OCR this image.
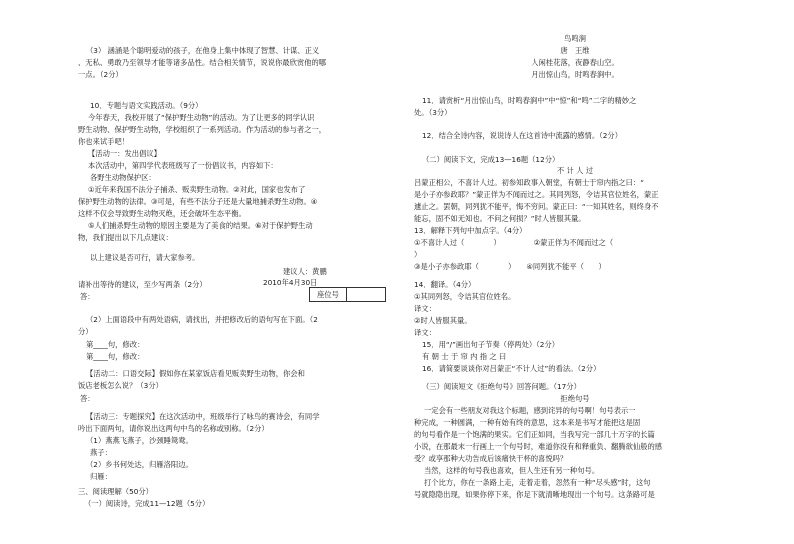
（3） 涵涵是个聪明爱动的孩子，在他身上集中体现了智慧、计谋、正义
、无私、勇敢乃至领导才能等诸多品性。结合相关情节，说说你最欣赏他的哪
一点。（2分）
10．专题与语文实践活动。（9分）
今年春天，我校开展了“保护野生动物”的活动。为了让更多的同学认识
野生动物、保护野生动物，学校组织了一系列活动。作为活动的参与者之一，
你也来试手吧！
【活动一：发出倡议】
本次活动中，第四学代表班级写了一份倡议书，内容如下：
各野生动物保护区：
①近年来我国不法分子捕杀、贩卖野生动物。②对此，国家也发布了
保护野生动物的法律。③可是，有些不法分子还是大量地捕杀野生动物。④
这样不仅会导致野生动物灭绝，还会破坏生态平衡。
⑤人们捕杀野生动物的原因主要是为了美食的结果。⑥对于保护野生动
物，我们提出以下几点建议：
以上建议是否可行，请大家参考。
建议人：黄鹏
2010年4月30日
请补出等待的建议，至少写两条（2分）
答：
（2）上面语段中有两处语病，请找出，并把修改后的语句写在下面。（2
分）
第____句，修改：
第____句，修改：
【活动二：口语交际】假如你在某家饭店看见贩卖野生动物，你会和
饭店老板怎么说？（3分）
答：
【活动三：专题探究】在这次活动中，班级举行了咏鸟的赛诗会，有同学
吟出下面两句，请你说出这两句中鸟的名称或别称。（2分）
（1）燕燕飞燕子，沙颈睡鸳鸯。
燕子：
（2）乡书何处达，归雁洛阳边。
归雁：
三、阅读理解（50分）
（一）阅读诗，完成11—12题（5分）
座位号
鸟鸣涧
唐　王维
人闲桂花落，夜静春山空。
月出惊山鸟，时鸣春涧中。
11．请赏析“月出惊山鸟，时鸣春涧中”中“惊”和“鸣”二字的精妙之
处。（3分）
12．结合全诗内容，说说诗人在这首诗中流露的感情。（2分）
（二）阅读下文，完成13—16题（12分）
不 计 人 过
吕蒙正相公，不喜计人过。初参知政事入朝堂，有朝士于帘内指之曰：“
是小子亦参政耶？”蒙正佯为不闻而过之。其同列怒，令诘其官位姓名，蒙正
遽止之。罢朝，同列犹不能平，悔不穷问。蒙正曰：“一知其姓名，则终身不
能忘，固不如无知也。不问之何损？”时人皆服其量。
13．解释下列句中加点字。（4分）
①不喜计人过（　　　　）　　　　　②蒙正佯为不闻而过之（　　
）
③是小子亦参政耶（　　　　）　　④同列犹不能平（　　）
14．翻译。（4分）
①其同列怒，令诘其官位姓名。
译文：
②时人皆服其量。
译文：
15．用“/”画出句子节奏（停两处）（2分）
有 朝 士 于 帘 内 指 之 曰
16．请简要谈谈你对吕蒙正“不计人过”的看法。（2分）
（三）阅读短文《拒绝句号》回答问题。（17分）
拒绝句号
一定会有一些朋友对我这个标题，感到诧异的句号啊！句号表示一
种完成，一种圆满，一种有始有终的意思，这本来是书写才能把这是固
的句号看作是一个饱满的果实。它们正如同，当我写完一部几十万字的长篇
小说，在那最末一行画上一个句号时，难道你没有和释重负、翻腾欲仙般的感
受？或享那种大功告成后该痛快干杯的喜悦吗？
当然，这样的句号我也喜欢，但人生还有另一种句号。
打个比方，你在一条路上走，走着走着，忽然有一种“尽头感”时，这句
号就隐隐出现，如果你停下来，你足下就清晰地现出一个句号。这条路可是
